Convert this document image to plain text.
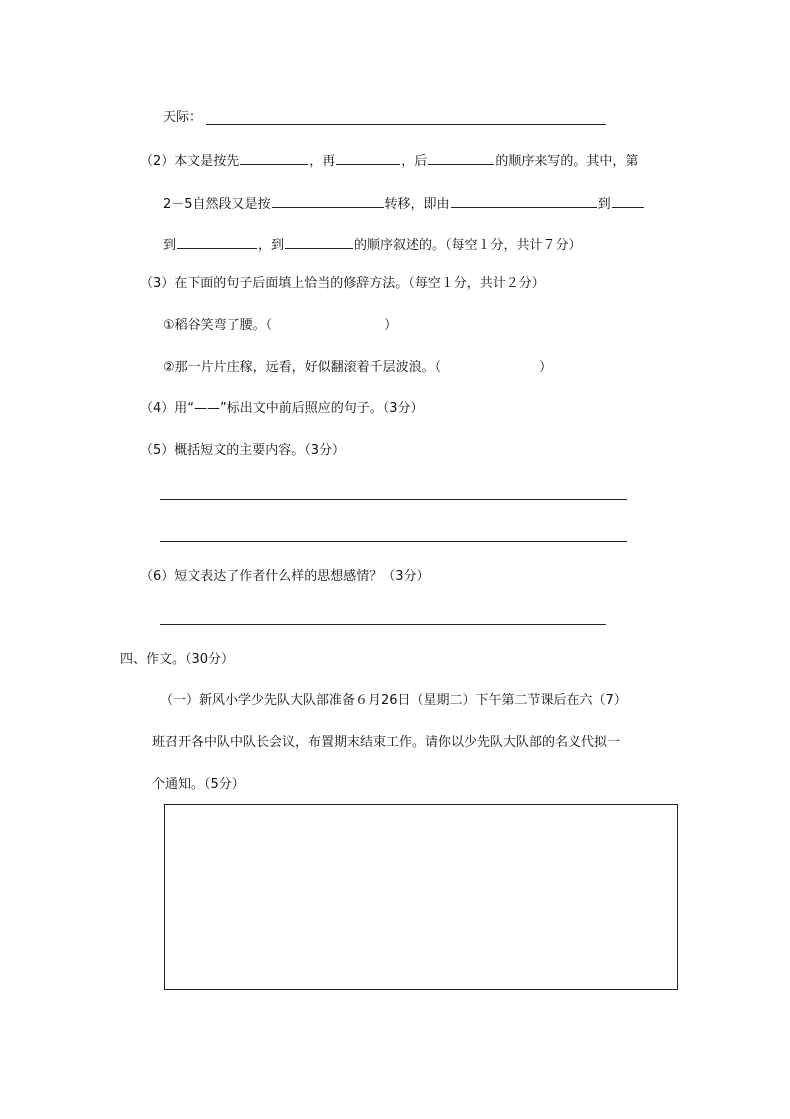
天际：
（2）本文是按先	，再	，后	的顺序来写的。其中，第
2－5自然段又是按	转移，即由	到
到	，到	的顺序叙述的。（每空１分，共计７分）
（3）在下面的句子后面填上恰当的修辞方法。（每空１分，共计２分）
①稻谷笑弯了腰。（	）
②那一片片庄稼，远看，好似翻滚着千层波浪。（	）
（4）用“——”标出文中前后照应的句子。（3分）
（5）概括短文的主要内容。（3分）
（6）短文表达了作者什么样的思想感情？（3分）
四、作文。（30分）
（一）新风小学少先队大队部准备６月26日（星期二）下午第二节课后在六（7）
班召开各中队中队长会议，布置期末结束工作。请你以少先队大队部的名义代拟一
个通知。（5分）
